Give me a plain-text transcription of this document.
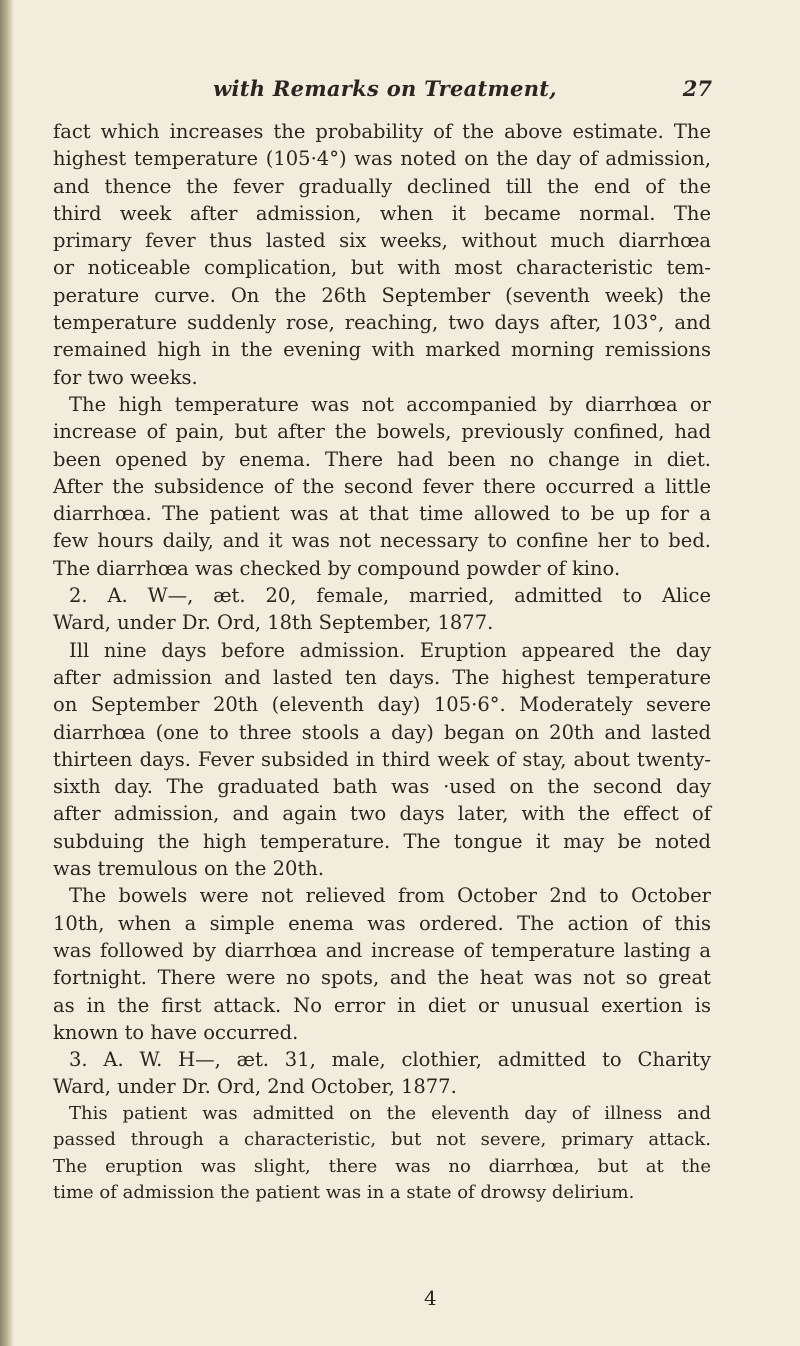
with Remarks on Treatment,	27
fact which increases the probability of the above estimate. The
highest temperature (105·4°) was noted on the day of admission,
and thence the fever gradually declined till the end of the
third week after admission, when it became normal. The
primary fever thus lasted six weeks, without much diarrhœa
or noticeable complication, but with most characteristic tem-
perature curve. On the 26th September (seventh week) the
temperature suddenly rose, reaching, two days after, 103°, and
remained high in the evening with marked morning remissions
for two weeks.
The high temperature was not accompanied by diarrhœa or
increase of pain, but after the bowels, previously confined, had
been opened by enema. There had been no change in diet.
After the subsidence of the second fever there occurred a little
diarrhœa. The patient was at that time allowed to be up for a
few hours daily, and it was not necessary to confine her to bed.
The diarrhœa was checked by compound powder of kino.
2. A. W—, æt. 20, female, married, admitted to Alice
Ward, under Dr. Ord, 18th September, 1877.
Ill nine days before admission. Eruption appeared the day
after admission and lasted ten days. The highest temperature
on September 20th (eleventh day) 105·6°. Moderately severe
diarrhœa (one to three stools a day) began on 20th and lasted
thirteen days. Fever subsided in third week of stay, about twenty-
sixth day. The graduated bath was ·used on the second day
after admission, and again two days later, with the effect of
subduing the high temperature. The tongue it may be noted
was tremulous on the 20th.
The bowels were not relieved from October 2nd to October
10th, when a simple enema was ordered. The action of this
was followed by diarrhœa and increase of temperature lasting a
fortnight. There were no spots, and the heat was not so great
as in the first attack. No error in diet or unusual exertion is
known to have occurred.
3. A. W. H—, æt. 31, male, clothier, admitted to Charity
Ward, under Dr. Ord, 2nd October, 1877.
This patient was admitted on the eleventh day of illness and
passed through a characteristic, but not severe, primary attack.
The eruption was slight, there was no diarrhœa, but at the
time of admission the patient was in a state of drowsy delirium.
4
